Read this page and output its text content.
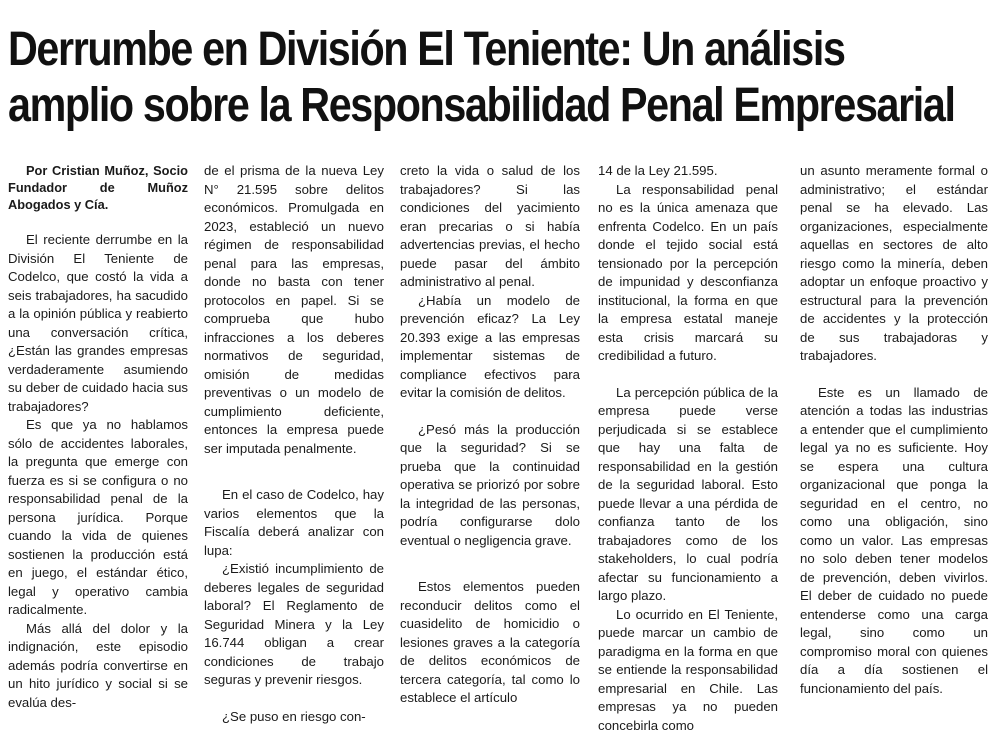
Derrumbe en División El Teniente: Un análisis
amplio sobre la Responsabilidad Penal Empresarial

Por Cristian Muñoz, Socio Fundador de Muñoz Abogados y Cía.

El reciente derrumbe en la División El Teniente de Codelco, que costó la vida a seis trabajadores, ha sacudido a la opinión pública y reabierto una conversación crítica, ¿Están las grandes empresas verdaderamente asumiendo su deber de cuidado hacia sus trabajadores?

Es que ya no hablamos sólo de accidentes laborales, la pregunta que emerge con fuerza es si se configura o no responsabilidad penal de la persona jurídica. Porque cuando la vida de quienes sostienen la producción está en juego, el estándar ético, legal y operativo cambia radicalmente.

Más allá del dolor y la indignación, este episodio además podría convertirse en un hito jurídico y social si se evalúa des-

de el prisma de la nueva Ley N° 21.595 sobre delitos económicos. Promulgada en 2023, estableció un nuevo régimen de responsabilidad penal para las empresas, donde no basta con tener protocolos en papel. Si se comprueba que hubo infracciones a los deberes normativos de seguridad, omisión de medidas preventivas o un modelo de cumplimiento deficiente, entonces la empresa puede ser imputada penalmente.

En el caso de Codelco, hay varios elementos que la Fiscalía deberá analizar con lupa:

¿Existió incumplimiento de deberes legales de seguridad laboral? El Reglamento de Seguridad Minera y la Ley 16.744 obligan a crear condiciones de trabajo seguras y prevenir riesgos.

¿Se puso en riesgo con-

creto la vida o salud de los trabajadores? Si las condiciones del yacimiento eran precarias o si había advertencias previas, el hecho puede pasar del ámbito administrativo al penal.

¿Había un modelo de prevención eficaz? La Ley 20.393 exige a las empresas implementar sistemas de compliance efectivos para evitar la comisión de delitos.

¿Pesó más la producción que la seguridad? Si se prueba que la continuidad operativa se priorizó por sobre la integridad de las personas, podría configurarse dolo eventual o negligencia grave.

Estos elementos pueden reconducir delitos como el cuasidelito de homicidio o lesiones graves a la categoría de delitos económicos de tercera categoría, tal como lo establece el artículo

14 de la Ley 21.595.

La responsabilidad penal no es la única amenaza que enfrenta Codelco. En un país donde el tejido social está tensionado por la percepción de impunidad y desconfianza institucional, la forma en que la empresa estatal maneje esta crisis marcará su credibilidad a futuro.

La percepción pública de la empresa puede verse perjudicada si se establece que hay una falta de responsabilidad en la gestión de la seguridad laboral. Esto puede llevar a una pérdida de confianza tanto de los trabajadores como de los stakeholders, lo cual podría afectar su funcionamiento a largo plazo.

Lo ocurrido en El Teniente, puede marcar un cambio de paradigma en la forma en que se entiende la responsabilidad empresarial en Chile. Las empresas ya no pueden concebirla como

un asunto meramente formal o administrativo; el estándar penal se ha elevado. Las organizaciones, especialmente aquellas en sectores de alto riesgo como la minería, deben adoptar un enfoque proactivo y estructural para la prevención de accidentes y la protección de sus trabajadoras y trabajadores.

Este es un llamado de atención a todas las industrias a entender que el cumplimiento legal ya no es suficiente. Hoy se espera una cultura organizacional que ponga la seguridad en el centro, no como una obligación, sino como un valor. Las empresas no solo deben tener modelos de prevención, deben vivirlos. El deber de cuidado no puede entenderse como una carga legal, sino como un compromiso moral con quienes día a día sostienen el funcionamiento del país.
